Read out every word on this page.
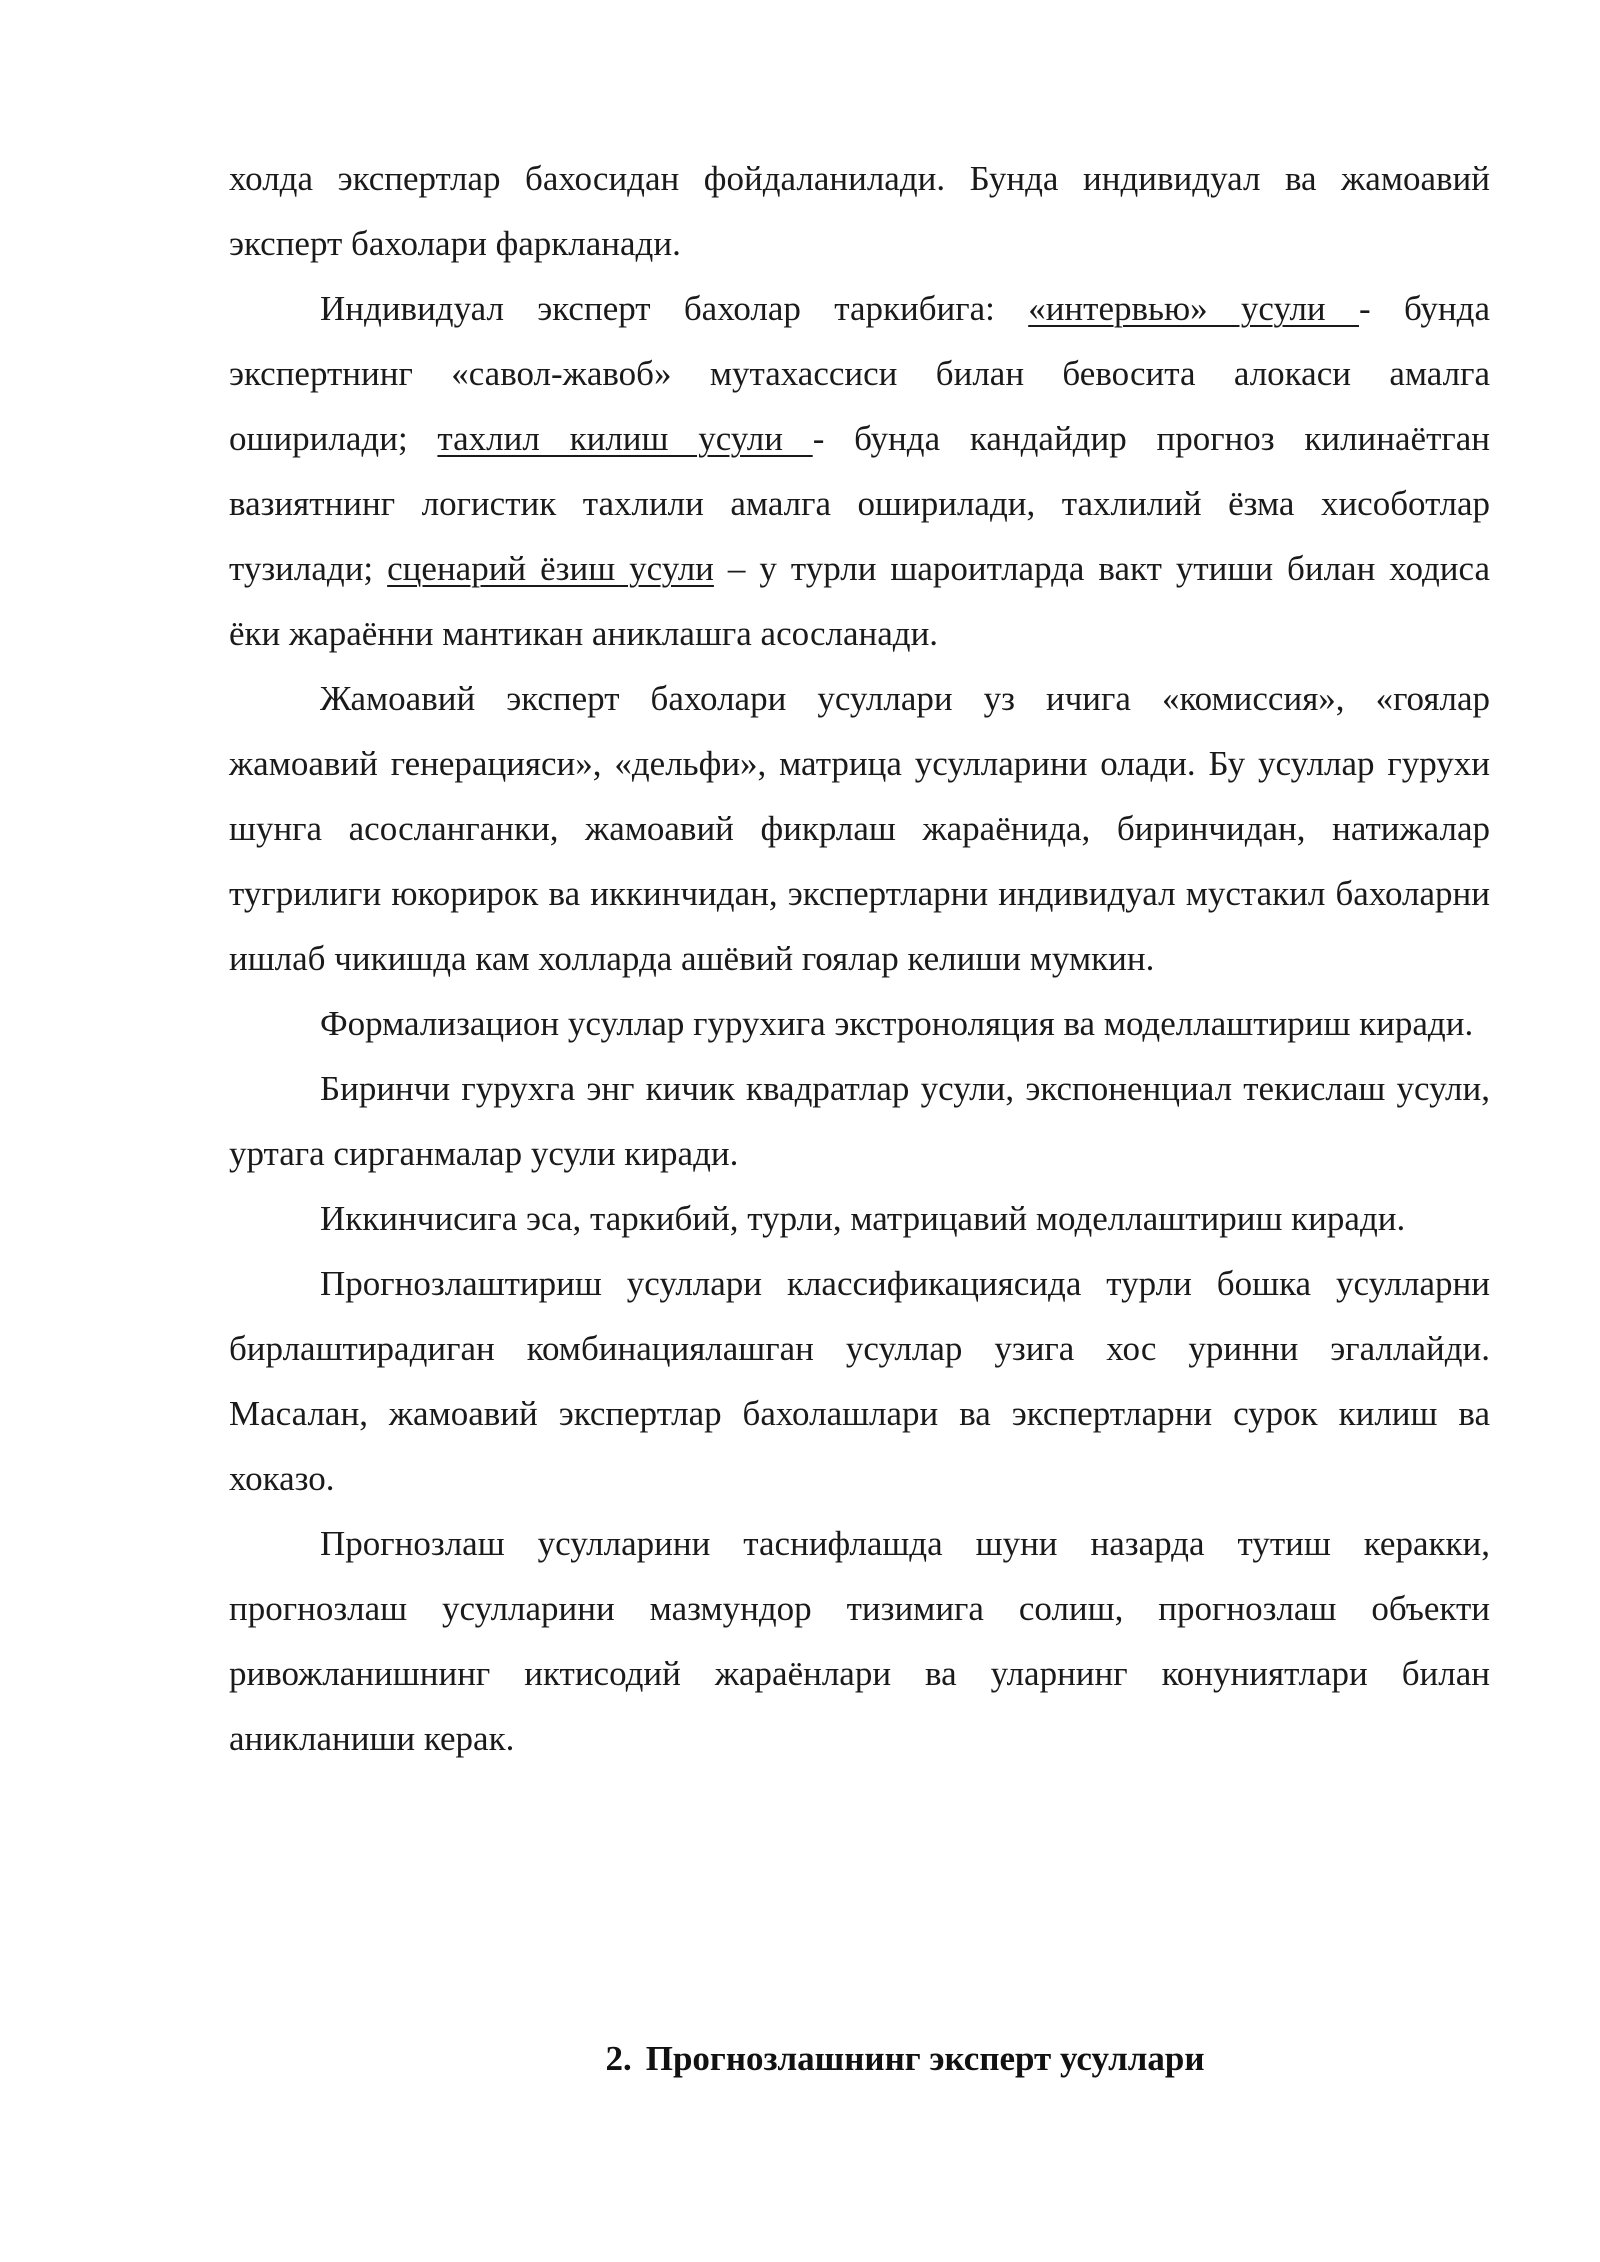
холда экспертлар бахосидан фойдаланилади. Бунда индивидуал ва жамоавий эксперт бахолари фаркланади.

Индивидуал эксперт бахолар таркибига: «интервью» усули - бунда экспертнинг «савол-жавоб» мутахассиси билан бевосита алокаси амалга оширилади; тахлил килиш усули - бунда кандайдир прогноз килинаётган вазиятнинг логистик тахлили амалга оширилади, тахлилий ёзма хисоботлар тузилади; сценарий ёзиш усули – у турли шароитларда вакт утиши билан ходиса ёки жараённи мантикан аниклашга асосланади.

Жамоавий эксперт бахолари усуллари уз ичига «комиссия», «гоялар жамоавий генерацияси», «дельфи», матрица усулларини олади. Бу усуллар гурухи шунга асосланганки, жамоавий фикрлаш жараёнида, биринчидан, натижалар тугрилиги юкорирок ва иккинчидан, экспертларни индивидуал мустакил бахоларни ишлаб чикишда кам холларда ашёвий гоялар келиши мумкин.

Формализацион усуллар гурухига экстроноляция ва моделлаштириш киради.

Биринчи гурухга энг кичик квадратлар усули, экспоненциал текислаш усули, уртага сирганмалар усули киради.

Иккинчисига эса, таркибий, турли, матрицавий моделлаштириш киради.

Прогнозлаштириш усуллари классификациясида турли бошка усулларни бирлаштирадиган комбинациялашган усуллар узига хос уринни эгаллайди. Масалан, жамоавий экспертлар бахолашлари ва экспертларни сурок килиш ва хоказо.

Прогнозлаш усулларини таснифлашда шуни назарда тутиш керакки, прогнозлаш усулларини мазмундор тизимига солиш, прогнозлаш объекти ривожланишнинг иктисодий жараёнлари ва уларнинг конуниятлари билан аникланиши керак.

2. Прогнозлашнинг эксперт усуллари
